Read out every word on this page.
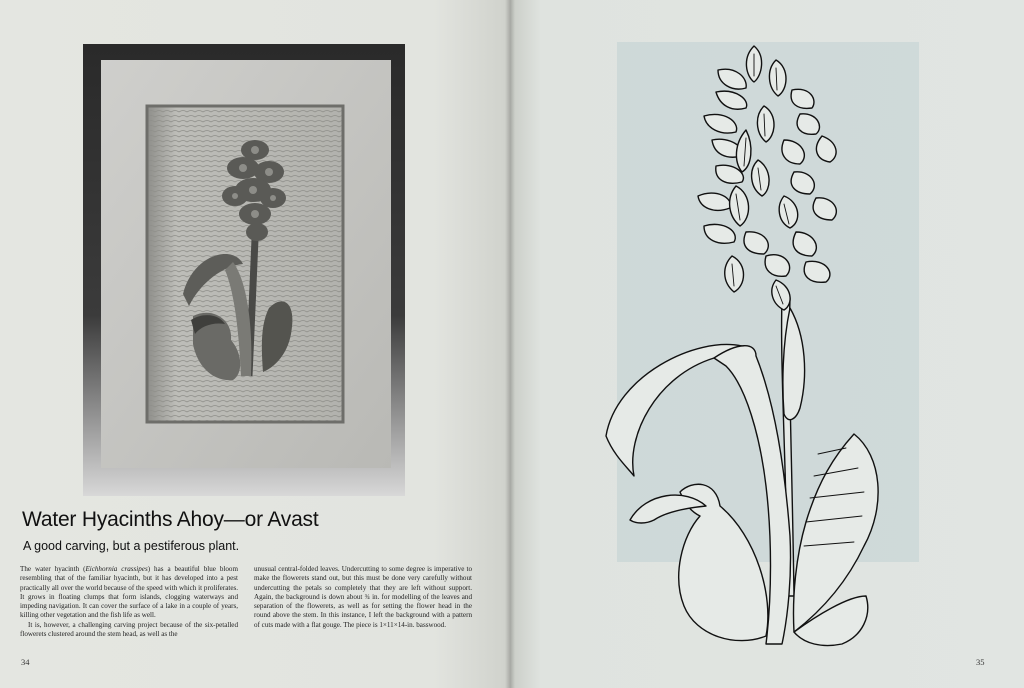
Water Hyacinths Ahoy—or Avast

A good carving, but a pestiferous plant.

The water hyacinth (Eichhornia crassipes) has a beautiful blue bloom resembling that of the familiar hyacinth, but it has developed into a pest practically all over the world because of the speed with which it proliferates. It grows in floating clumps that form islands, clogging waterways and impeding navigation. It can cover the surface of a lake in a couple of years, killing other vegetation and the fish life as well.

It is, however, a challenging carving project because of the six-petalled flowerets clustered around the stem head, as well as the

unusual central-folded leaves. Undercutting to some degree is imperative to make the flowerets stand out, but this must be done very carefully without undercutting the petals so completely that they are left without support. Again, the background is down about ¾ in. for modelling of the leaves and separation of the flowerets, as well as for setting the flower head in the round above the stem. In this instance, I left the background with a pattern of cuts made with a flat gouge. The piece is 1×11×14-in. basswood.

34	35
